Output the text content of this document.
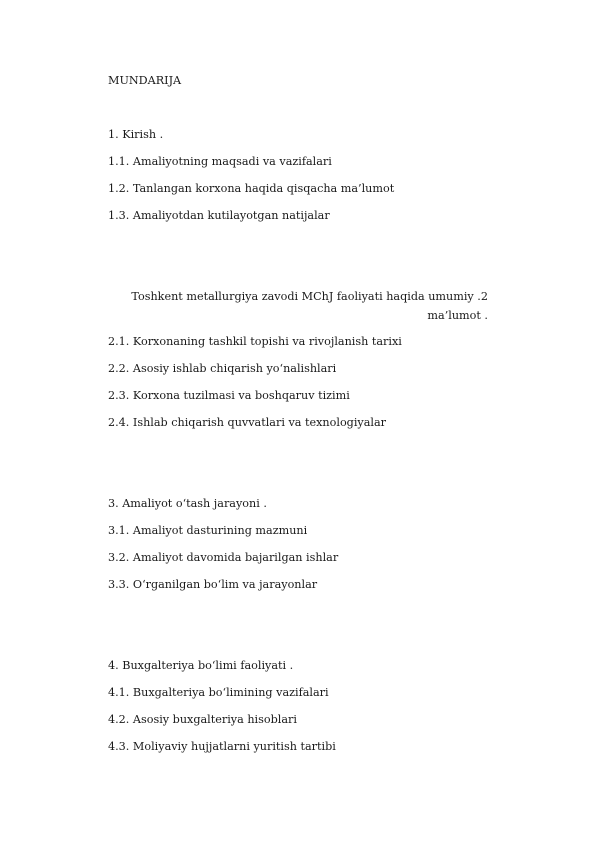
MUNDARIJA
1. Kirish .
1.1. Amaliyotning maqsadi va vazifalari
1.2. Tanlangan korxona haqida qisqacha ma’lumot
1.3. Amaliyotdan kutilayotgan natijalar
Toshkent metallurgiya zavodi MChJ faoliyati haqida umumiy .2
ma’lumot .
2.1. Korxonaning tashkil topishi va rivojlanish tarixi
2.2. Asosiy ishlab chiqarish yo‘nalishlari
2.3. Korxona tuzilmasi va boshqaruv tizimi
2.4. Ishlab chiqarish quvvatlari va texnologiyalar
3. Amaliyot o‘tash jarayoni .
3.1. Amaliyot dasturining mazmuni
3.2. Amaliyot davomida bajarilgan ishlar
3.3. O‘rganilgan bo‘lim va jarayonlar
4. Buxgalteriya bo‘limi faoliyati .
4.1. Buxgalteriya bo‘limining vazifalari
4.2. Asosiy buxgalteriya hisoblari
4.3. Moliyaviy hujjatlarni yuritish tartibi
